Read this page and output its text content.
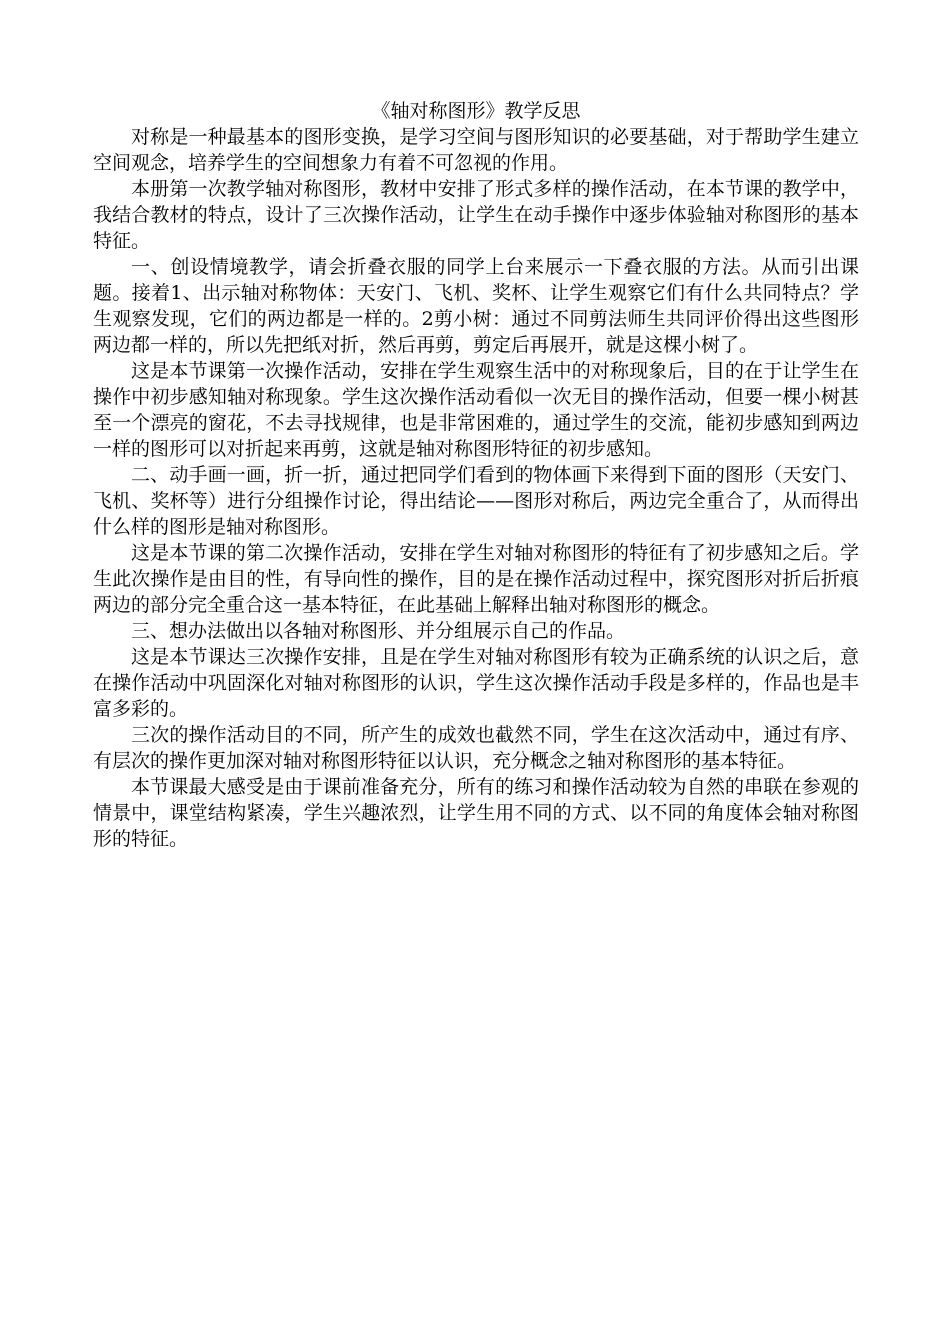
《轴对称图形》教学反思

对称是一种最基本的图形变换，是学习空间与图形知识的必要基础，对于帮助学生建立空间观念，培养学生的空间想象力有着不可忽视的作用。

本册第一次教学轴对称图形，教材中安排了形式多样的操作活动，在本节课的教学中，我结合教材的特点，设计了三次操作活动，让学生在动手操作中逐步体验轴对称图形的基本特征。

一、创设情境教学，请会折叠衣服的同学上台来展示一下叠衣服的方法。从而引出课题。接着1、出示轴对称物体：天安门、飞机、奖杯、让学生观察它们有什么共同特点？学生观察发现，它们的两边都是一样的。2剪小树：通过不同剪法师生共同评价得出这些图形两边都一样的，所以先把纸对折，然后再剪，剪定后再展开，就是这棵小树了。

这是本节课第一次操作活动，安排在学生观察生活中的对称现象后，目的在于让学生在操作中初步感知轴对称现象。学生这次操作活动看似一次无目的操作活动，但要一棵小树甚至一个漂亮的窗花，不去寻找规律，也是非常困难的，通过学生的交流，能初步感知到两边一样的图形可以对折起来再剪，这就是轴对称图形特征的初步感知。

二、动手画一画，折一折，通过把同学们看到的物体画下来得到下面的图形（天安门、飞机、奖杯等）进行分组操作讨论，得出结论——图形对称后，两边完全重合了，从而得出什么样的图形是轴对称图形。

这是本节课的第二次操作活动，安排在学生对轴对称图形的特征有了初步感知之后。学生此次操作是由目的性，有导向性的操作，目的是在操作活动过程中，探究图形对折后折痕两边的部分完全重合这一基本特征，在此基础上解释出轴对称图形的概念。

三、想办法做出以各轴对称图形、并分组展示自己的作品。

这是本节课达三次操作安排，且是在学生对轴对称图形有较为正确系统的认识之后，意在操作活动中巩固深化对轴对称图形的认识，学生这次操作活动手段是多样的，作品也是丰富多彩的。

三次的操作活动目的不同，所产生的成效也截然不同，学生在这次活动中，通过有序、有层次的操作更加深对轴对称图形特征以认识，充分概念之轴对称图形的基本特征。

本节课最大感受是由于课前准备充分，所有的练习和操作活动较为自然的串联在参观的情景中，课堂结构紧凑，学生兴趣浓烈，让学生用不同的方式、以不同的角度体会轴对称图形的特征。
